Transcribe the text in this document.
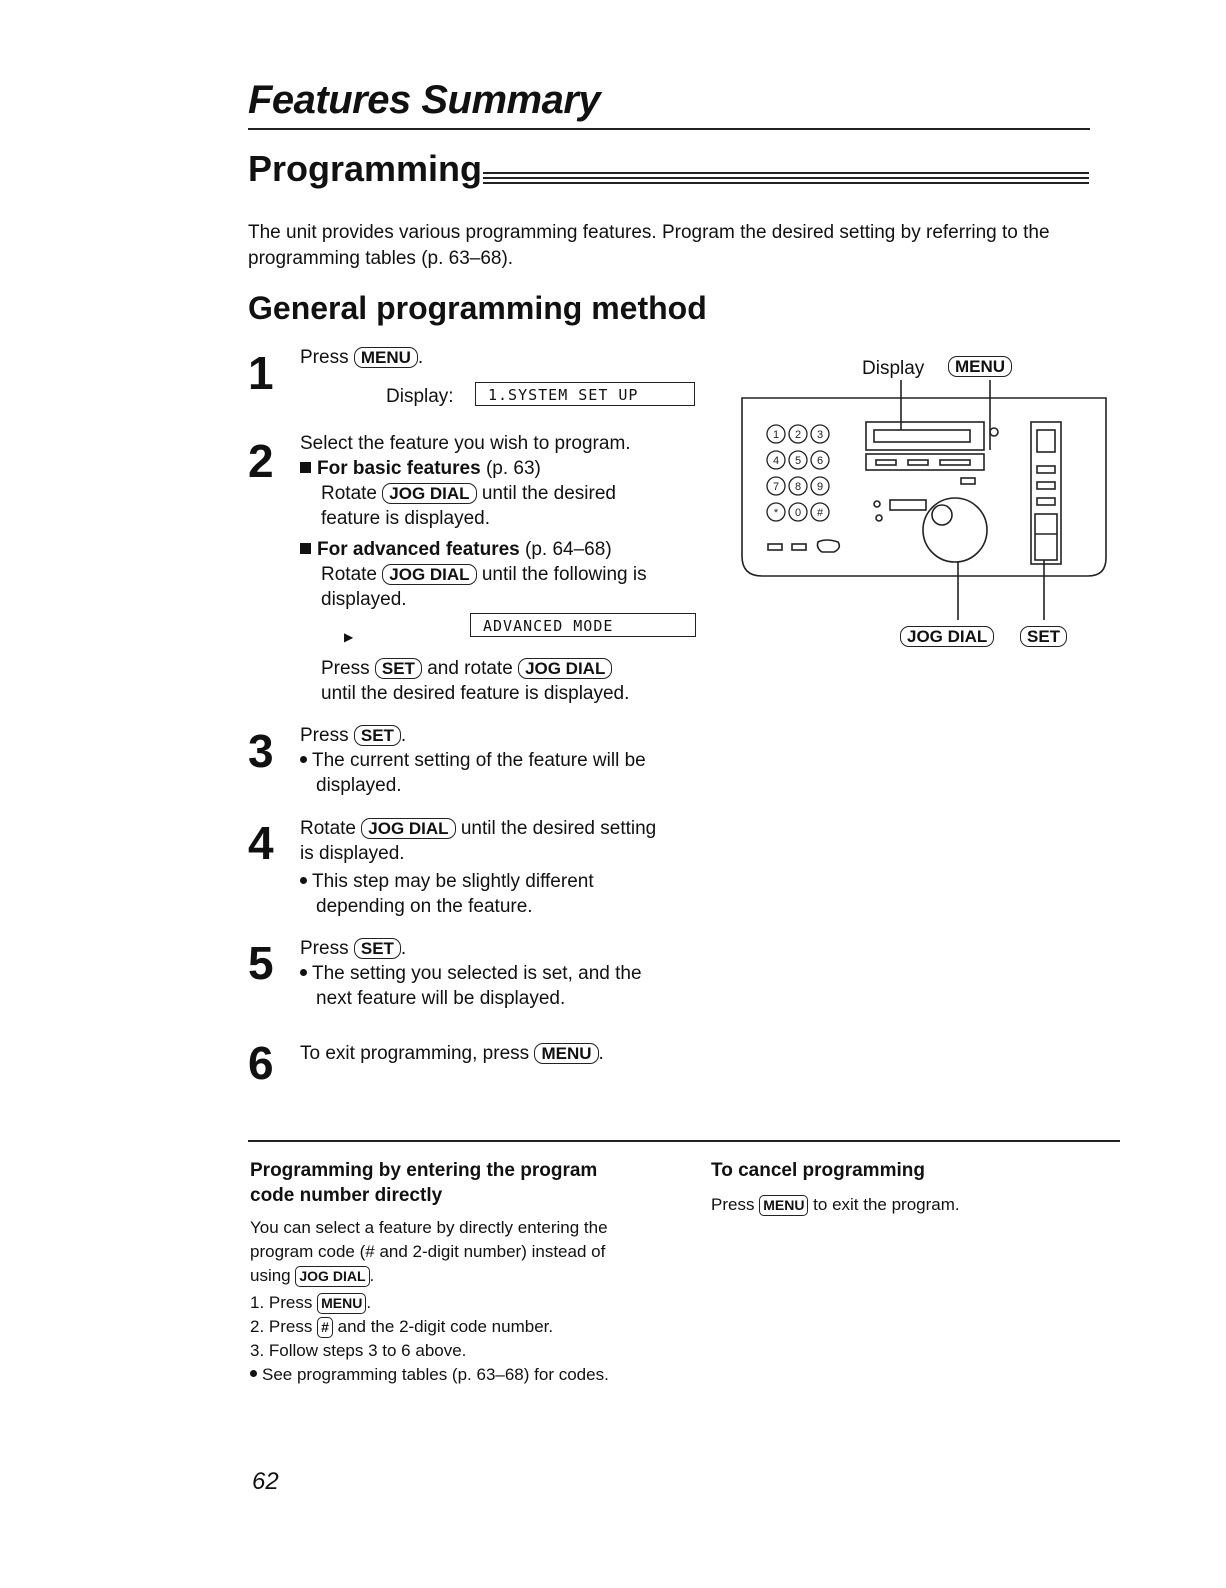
Features Summary
Programming
The unit provides various programming features. Program the desired setting by referring to the programming tables (p. 63–68).
General programming method
1 Press MENU .
Display:	1.SYSTEM SET UP
2 Select the feature you wish to program.
For basic features (p. 63)
Rotate JOG DIAL until the desired
feature is displayed.
For advanced features (p. 64–68)
Rotate JOG DIAL until the following is
displayed.
ADVANCED MODE
▶
Press SET and rotate JOG DIAL
until the desired feature is displayed.
3 Press SET .
The current setting of the feature will be
displayed.
4 Rotate JOG DIAL until the desired setting
is displayed.
This step may be slightly different
depending on the feature.
5 Press SET .
The setting you selected is set, and the
next feature will be displayed.
6 To exit programming, press MENU .
Display	MENU
1 2 3
4 5 6
7 8 9
* 0 #
JOG DIAL	SET
Programming by entering the program
code number directly
You can select a feature by directly entering the
program code (# and 2-digit number) instead of
using JOG DIAL .
1. Press MENU .
2. Press # and the 2-digit code number.
3. Follow steps 3 to 6 above.
See programming tables (p. 63–68) for codes.
To cancel programming
Press MENU to exit the program.
62
